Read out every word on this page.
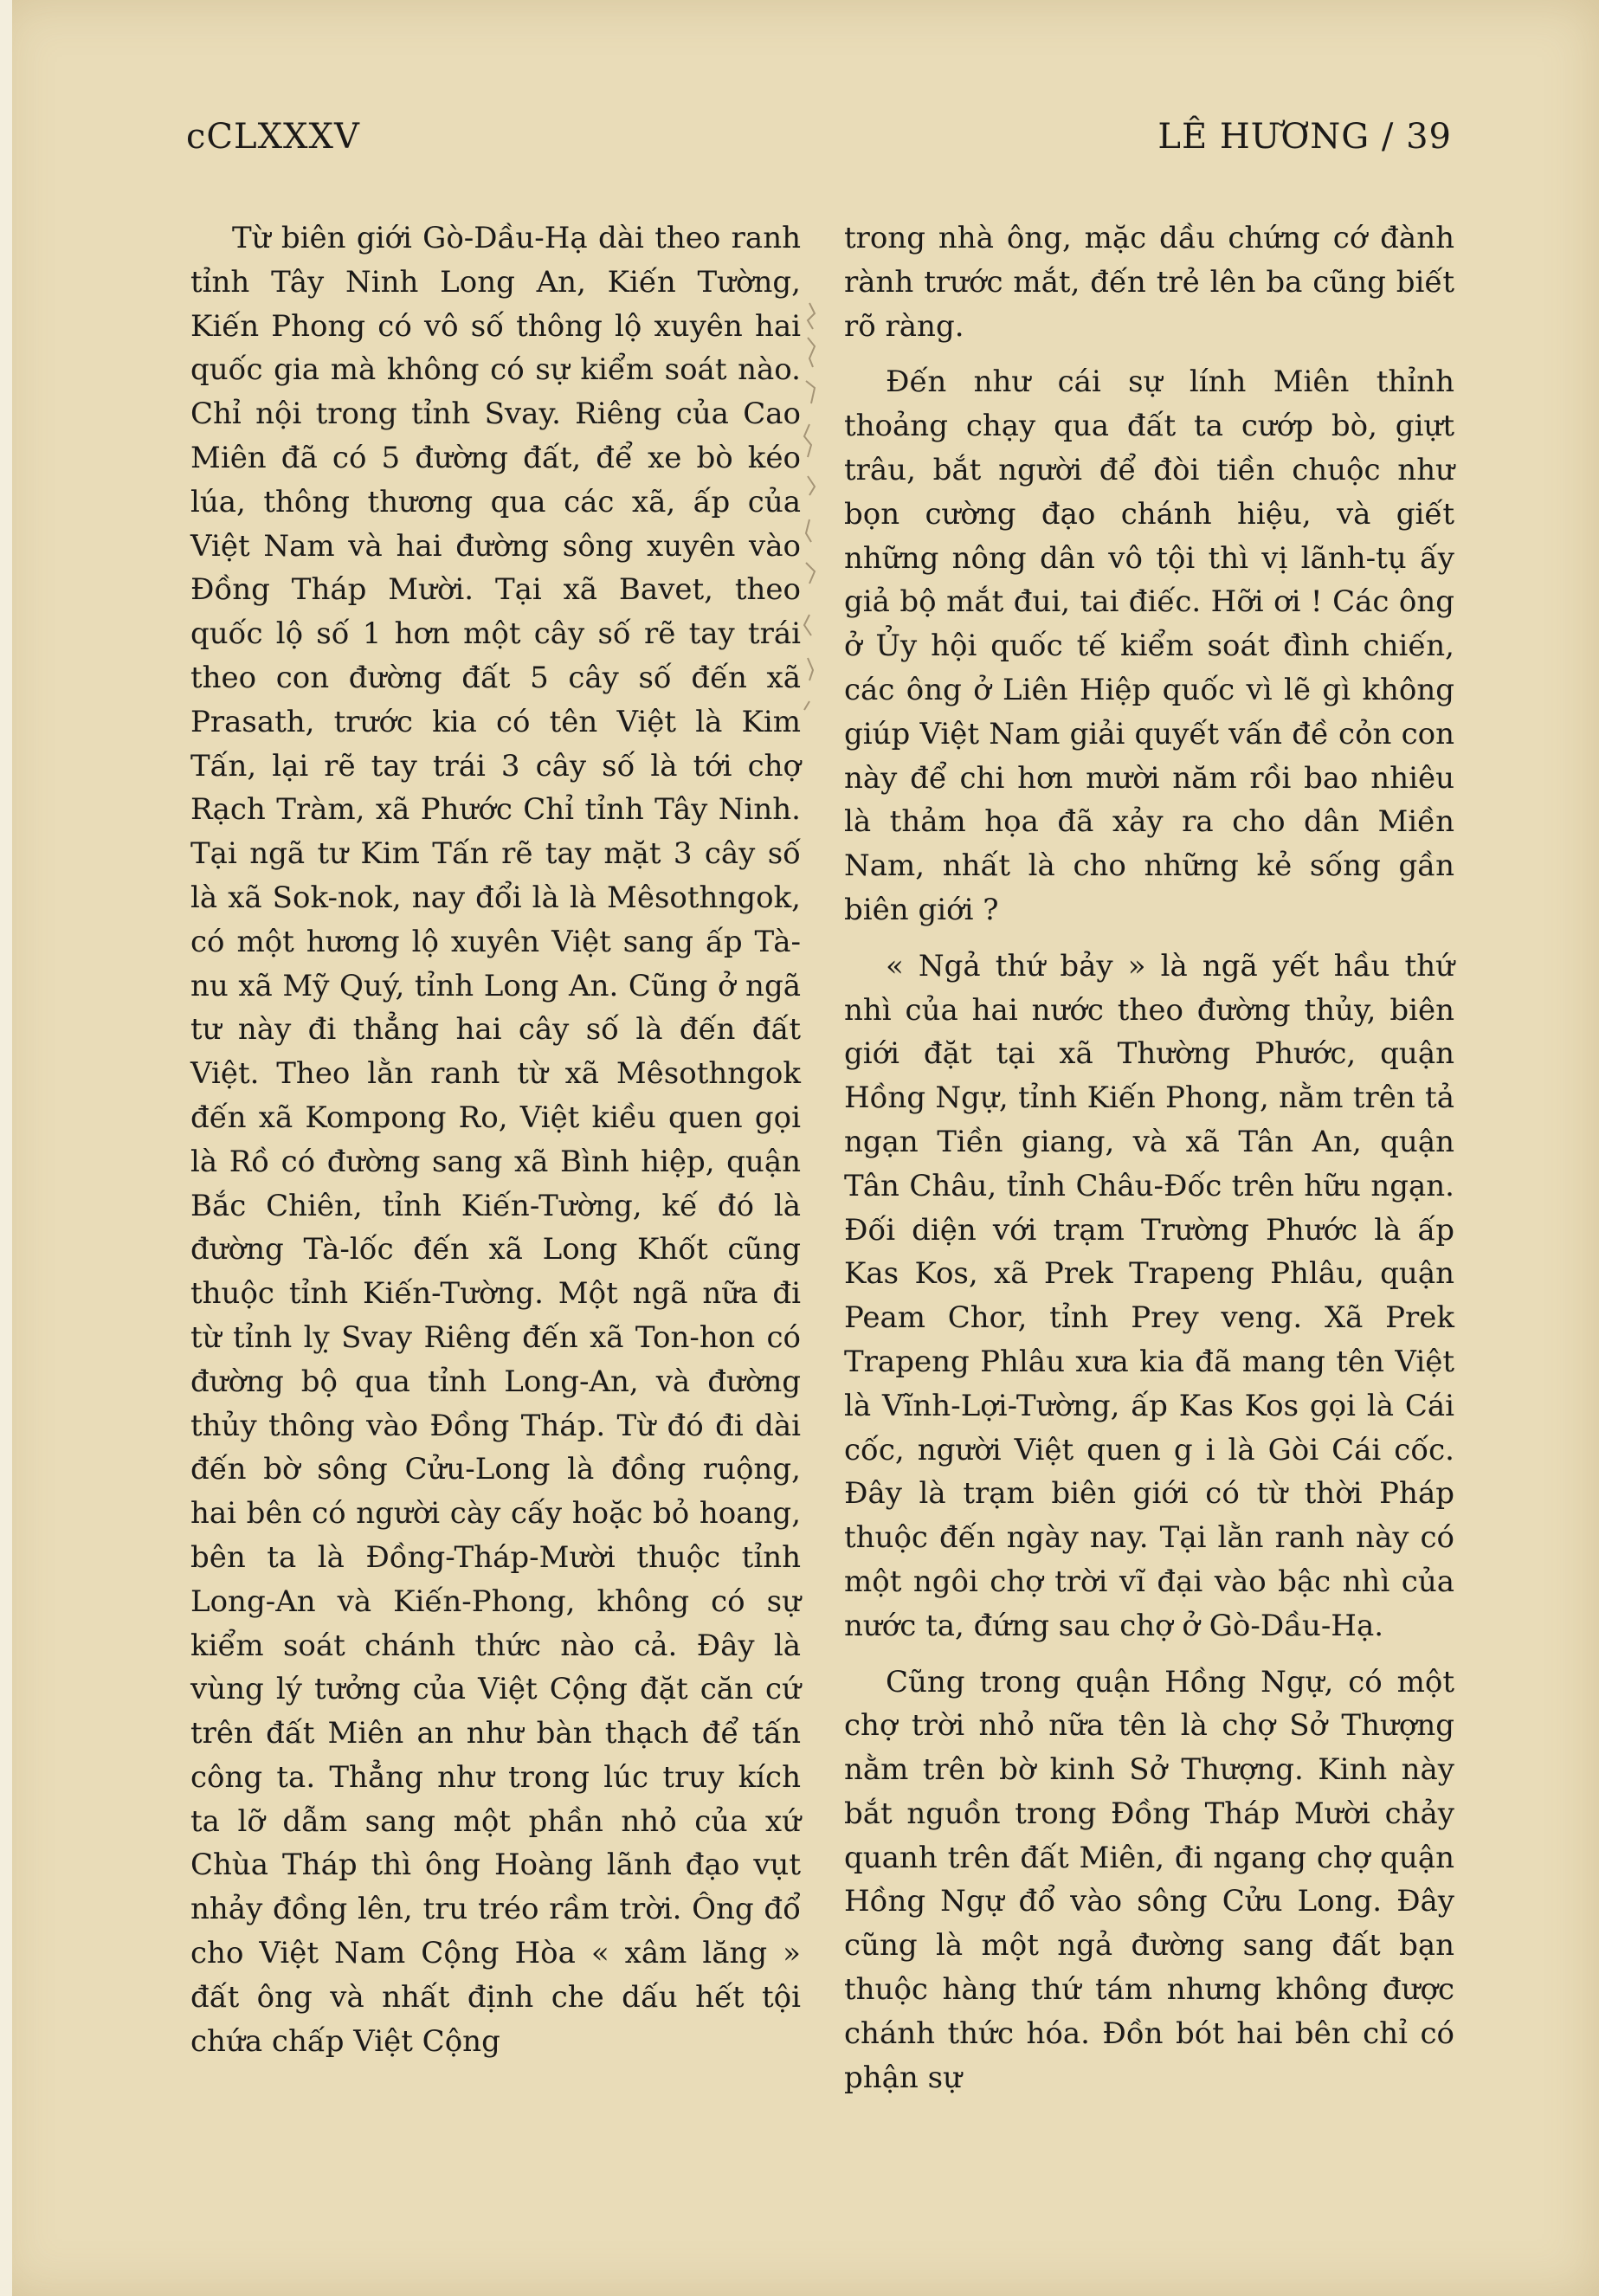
cCLXXXV	LÊ HƯƠNG / 39

Từ biên giới Gò-Dầu-Hạ dài theo ranh tỉnh Tây Ninh Long An, Kiến Tường, Kiến Phong có vô số thông lộ xuyên hai quốc gia mà không có sự kiểm soát nào. Chỉ nội trong tỉnh Svay. Riêng của Cao Miên đã có 5 đường đất, để xe bò kéo lúa, thông thương qua các xã, ấp của Việt Nam và hai đường sông xuyên vào Đồng Tháp Mười. Tại xã Bavet, theo quốc lộ số 1 hơn một cây số rẽ tay trái theo con đường đất 5 cây số đến xã Prasath, trước kia có tên Việt là Kim Tấn, lại rẽ tay trái 3 cây số là tới chợ Rạch Tràm, xã Phước Chỉ tỉnh Tây Ninh. Tại ngã tư Kim Tấn rẽ tay mặt 3 cây số là xã Sok-nok, nay đổi là là Mêsothngok, có một hương lộ xuyên Việt sang ấp Tà-nu xã Mỹ Quý, tỉnh Long An. Cũng ở ngã tư này đi thẳng hai cây số là đến đất Việt. Theo lằn ranh từ xã Mêsothngok đến xã Kompong Ro, Việt kiều quen gọi là Rồ có đường sang xã Bình hiệp, quận Bắc Chiên, tỉnh Kiến-Tường, kế đó là đường Tà-lốc đến xã Long Khốt cũng thuộc tỉnh Kiến-Tường. Một ngã nữa đi từ tỉnh lỵ Svay Riêng đến xã Ton-hon có đường bộ qua tỉnh Long-An, và đường thủy thông vào Đồng Tháp. Từ đó đi dài đến bờ sông Cửu-Long là đồng ruộng, hai bên có người cày cấy hoặc bỏ hoang, bên ta là Đồng-Tháp-Mười thuộc tỉnh Long-An và Kiến-Phong, không có sự kiểm soát chánh thức nào cả. Đây là vùng lý tưởng của Việt Cộng đặt căn cứ trên đất Miên an như bàn thạch để tấn công ta. Thẳng như trong lúc truy kích ta lỡ dẫm sang một phần nhỏ của xứ Chùa Tháp thì ông Hoàng lãnh đạo vụt nhảy đồng lên, tru tréo rầm trời. Ông đổ cho Việt Nam Cộng Hòa « xâm lăng » đất ông và nhất định che dấu hết tội chứa chấp Việt Cộng

trong nhà ông, mặc dầu chứng cớ đành rành trước mắt, đến trẻ lên ba cũng biết rõ ràng.

Đến như cái sự lính Miên thỉnh thoảng chạy qua đất ta cướp bò, giựt trâu, bắt người để đòi tiền chuộc như bọn cường đạo chánh hiệu, và giết những nông dân vô tội thì vị lãnh-tụ ấy giả bộ mắt đui, tai điếc. Hỡi ơi ! Các ông ở Ủy hội quốc tế kiểm soát đình chiến, các ông ở Liên Hiệp quốc vì lẽ gì không giúp Việt Nam giải quyết vấn đề cỏn con này để chi hơn mười năm rồi bao nhiêu là thảm họa đã xảy ra cho dân Miền Nam, nhất là cho những kẻ sống gần biên giới ?

« Ngả thứ bảy » là ngã yết hầu thứ nhì của hai nước theo đường thủy, biên giới đặt tại xã Thường Phước, quận Hồng Ngự, tỉnh Kiến Phong, nằm trên tả ngạn Tiền giang, và xã Tân An, quận Tân Châu, tỉnh Châu-Đốc trên hữu ngạn. Đối diện với trạm Trường Phước là ấp Kas Kos, xã Prek Trapeng Phlâu, quận Peam Chor, tỉnh Prey veng. Xã Prek Trapeng Phlâu xưa kia đã mang tên Việt là Vĩnh-Lợi-Tường, ấp Kas Kos gọi là Cái cốc, người Việt quen g i là Gòi Cái cốc. Đây là trạm biên giới có từ thời Pháp thuộc đến ngày nay. Tại lằn ranh này có một ngôi chợ trời vĩ đại vào bậc nhì của nước ta, đứng sau chợ ở Gò-Dầu-Hạ.

Cũng trong quận Hồng Ngự, có một chợ trời nhỏ nữa tên là chợ Sở Thượng nằm trên bờ kinh Sở Thượng. Kinh này bắt nguồn trong Đồng Tháp Mười chảy quanh trên đất Miên, đi ngang chợ quận Hồng Ngự đổ vào sông Cửu Long. Đây cũng là một ngả đường sang đất bạn thuộc hàng thứ tám nhưng không được chánh thức hóa. Đồn bót hai bên chỉ có phận sự
